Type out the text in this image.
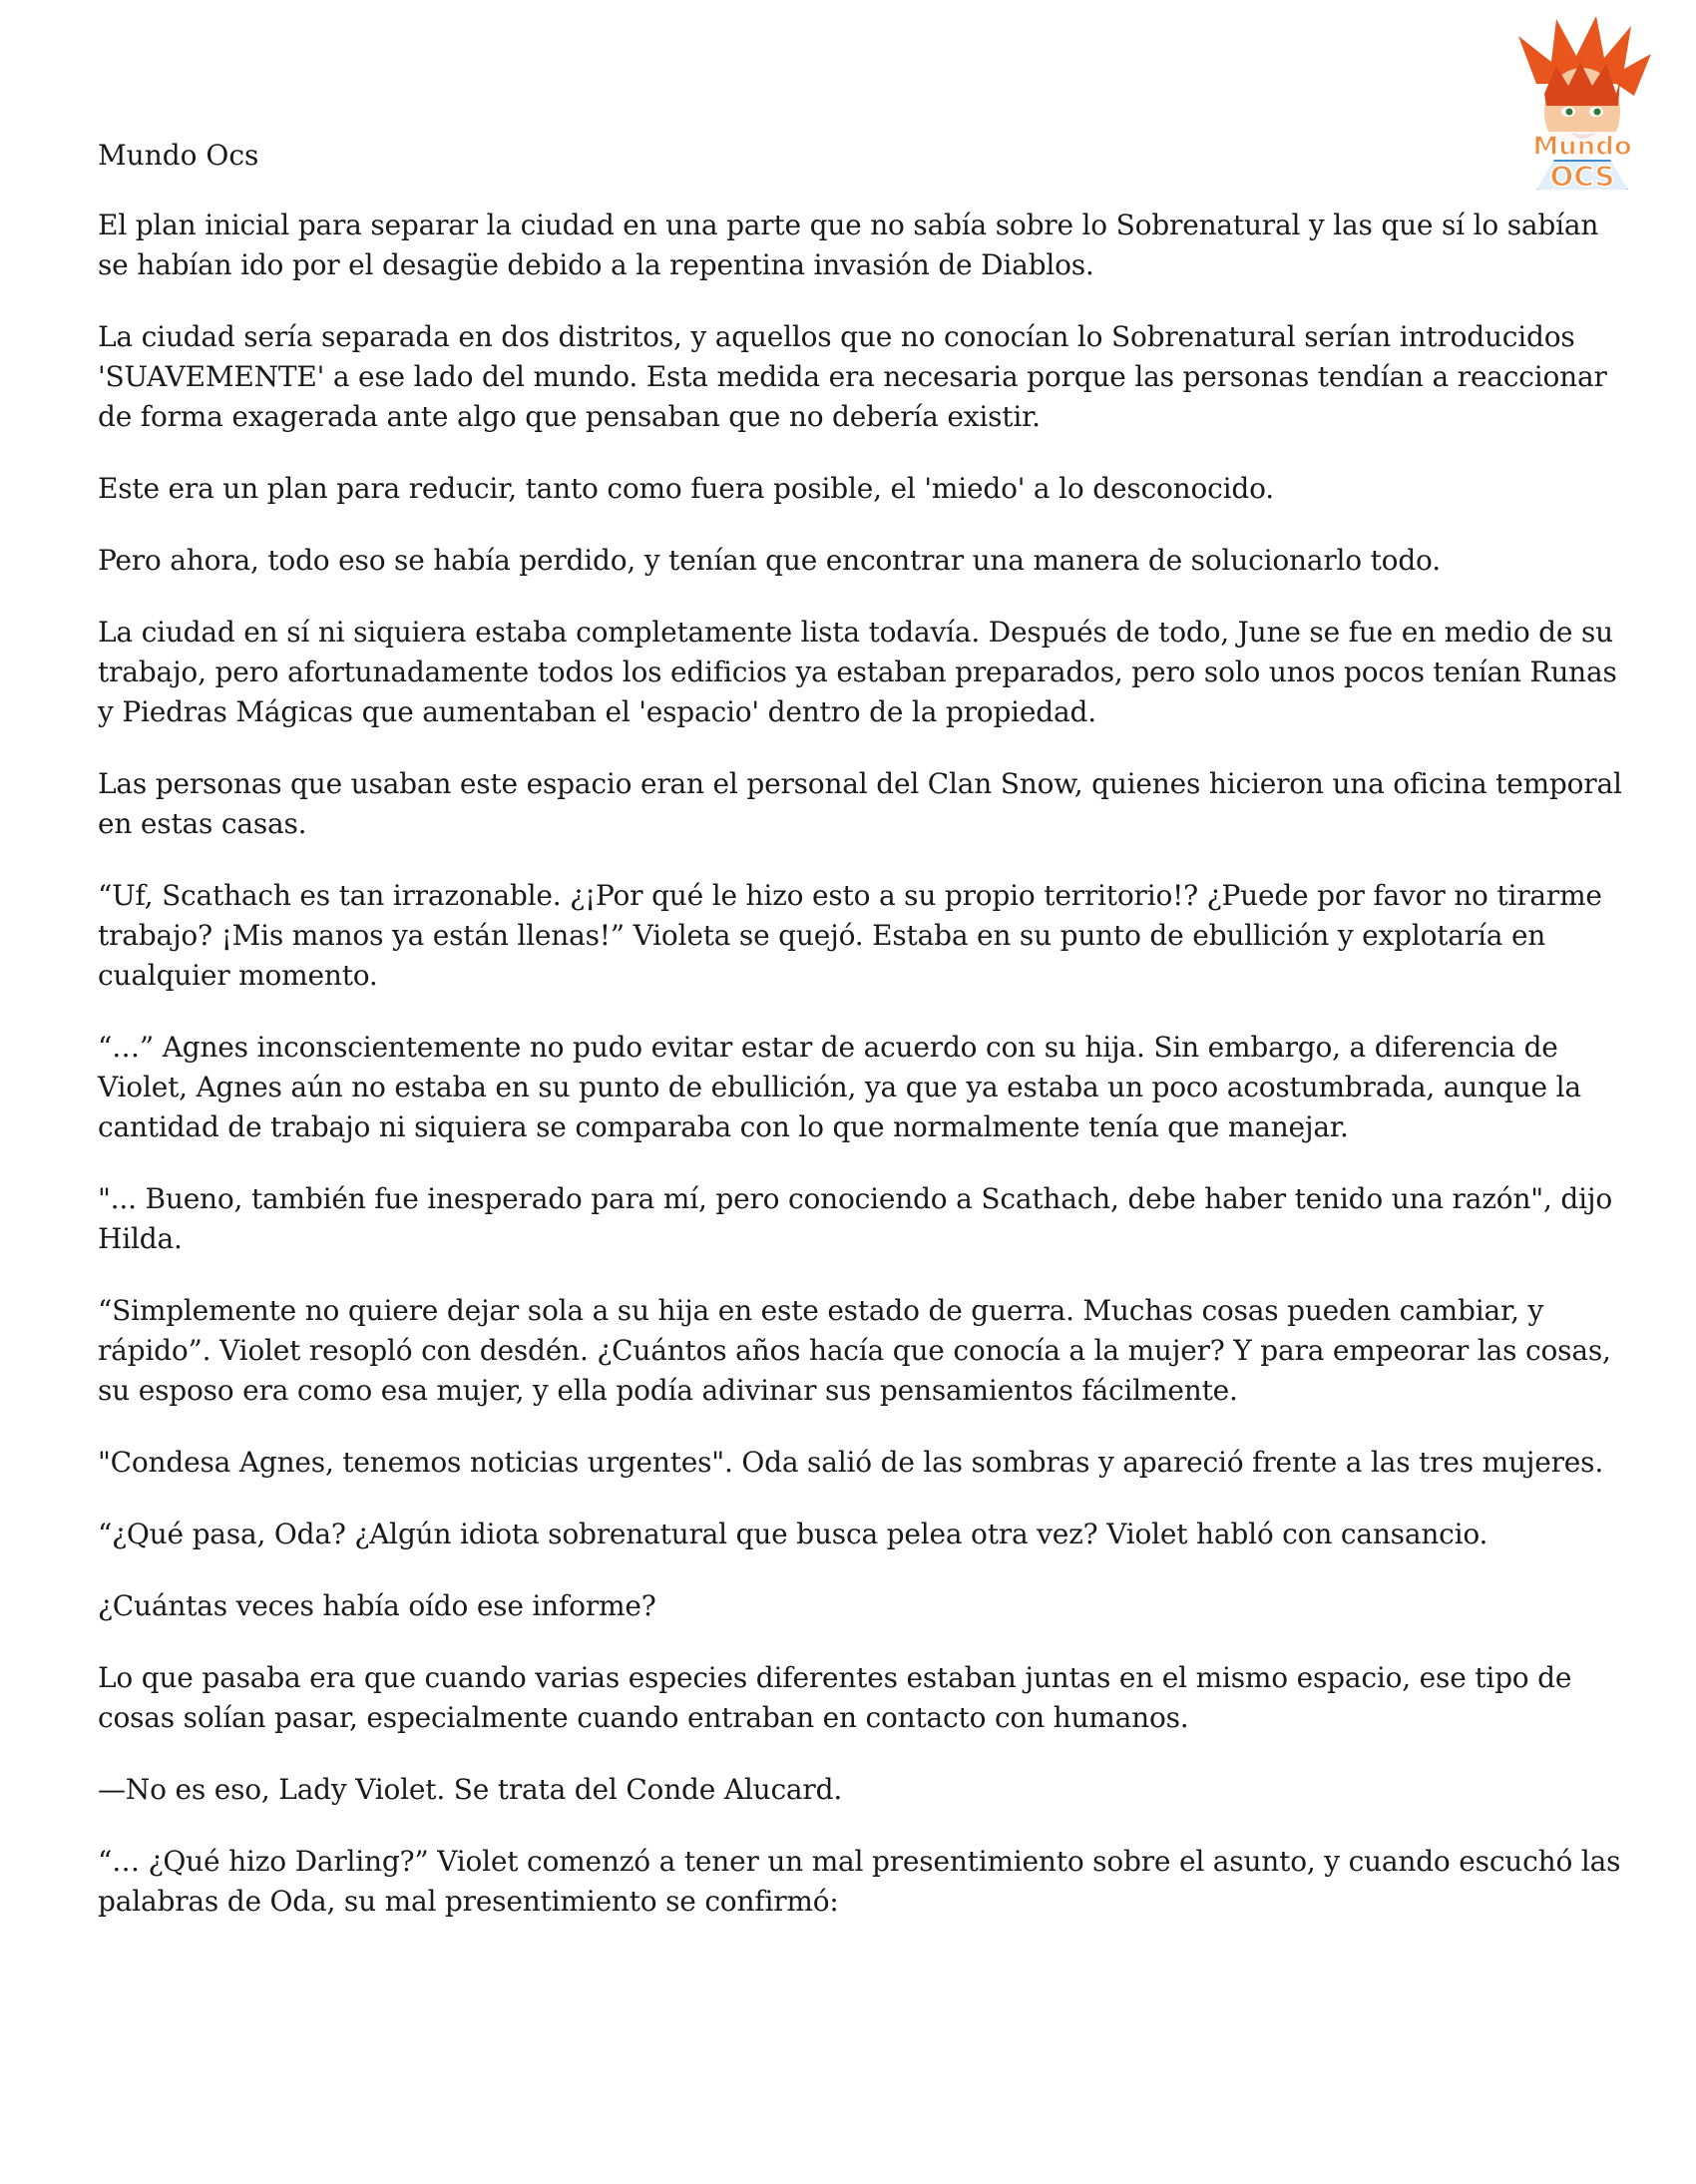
Mundo
OCS
Mundo Ocs

El plan inicial para separar la ciudad en una parte que no sabía sobre lo Sobrenatural y las que sí lo sabían se habían ido por el desagüe debido a la repentina invasión de Diablos.

La ciudad sería separada en dos distritos, y aquellos que no conocían lo Sobrenatural serían introducidos 'SUAVEMENTE' a ese lado del mundo. Esta medida era necesaria porque las personas tendían a reaccionar de forma exagerada ante algo que pensaban que no debería existir.

Este era un plan para reducir, tanto como fuera posible, el 'miedo' a lo desconocido.

Pero ahora, todo eso se había perdido, y tenían que encontrar una manera de solucionarlo todo.

La ciudad en sí ni siquiera estaba completamente lista todavía. Después de todo, June se fue en medio de su trabajo, pero afortunadamente todos los edificios ya estaban preparados, pero solo unos pocos tenían Runas y Piedras Mágicas que aumentaban el 'espacio' dentro de la propiedad.

Las personas que usaban este espacio eran el personal del Clan Snow, quienes hicieron una oficina temporal en estas casas.

“Uf, Scathach es tan irrazonable. ¿¡Por qué le hizo esto a su propio territorio!? ¿Puede por favor no tirarme trabajo? ¡Mis manos ya están llenas!” Violeta se quejó. Estaba en su punto de ebullición y explotaría en cualquier momento.

“…” Agnes inconscientemente no pudo evitar estar de acuerdo con su hija. Sin embargo, a diferencia de Violet, Agnes aún no estaba en su punto de ebullición, ya que ya estaba un poco acostumbrada, aunque la cantidad de trabajo ni siquiera se comparaba con lo que normalmente tenía que manejar.

"... Bueno, también fue inesperado para mí, pero conociendo a Scathach, debe haber tenido una razón", dijo Hilda.

“Simplemente no quiere dejar sola a su hija en este estado de guerra. Muchas cosas pueden cambiar, y rápido”. Violet resopló con desdén. ¿Cuántos años hacía que conocía a la mujer? Y para empeorar las cosas, su esposo era como esa mujer, y ella podía adivinar sus pensamientos fácilmente.

"Condesa Agnes, tenemos noticias urgentes". Oda salió de las sombras y apareció frente a las tres mujeres.

“¿Qué pasa, Oda? ¿Algún idiota sobrenatural que busca pelea otra vez? Violet habló con cansancio.

¿Cuántas veces había oído ese informe?

Lo que pasaba era que cuando varias especies diferentes estaban juntas en el mismo espacio, ese tipo de cosas solían pasar, especialmente cuando entraban en contacto con humanos.

—No es eso, Lady Violet. Se trata del Conde Alucard.

“… ¿Qué hizo Darling?” Violet comenzó a tener un mal presentimiento sobre el asunto, y cuando escuchó las palabras de Oda, su mal presentimiento se confirmó:
